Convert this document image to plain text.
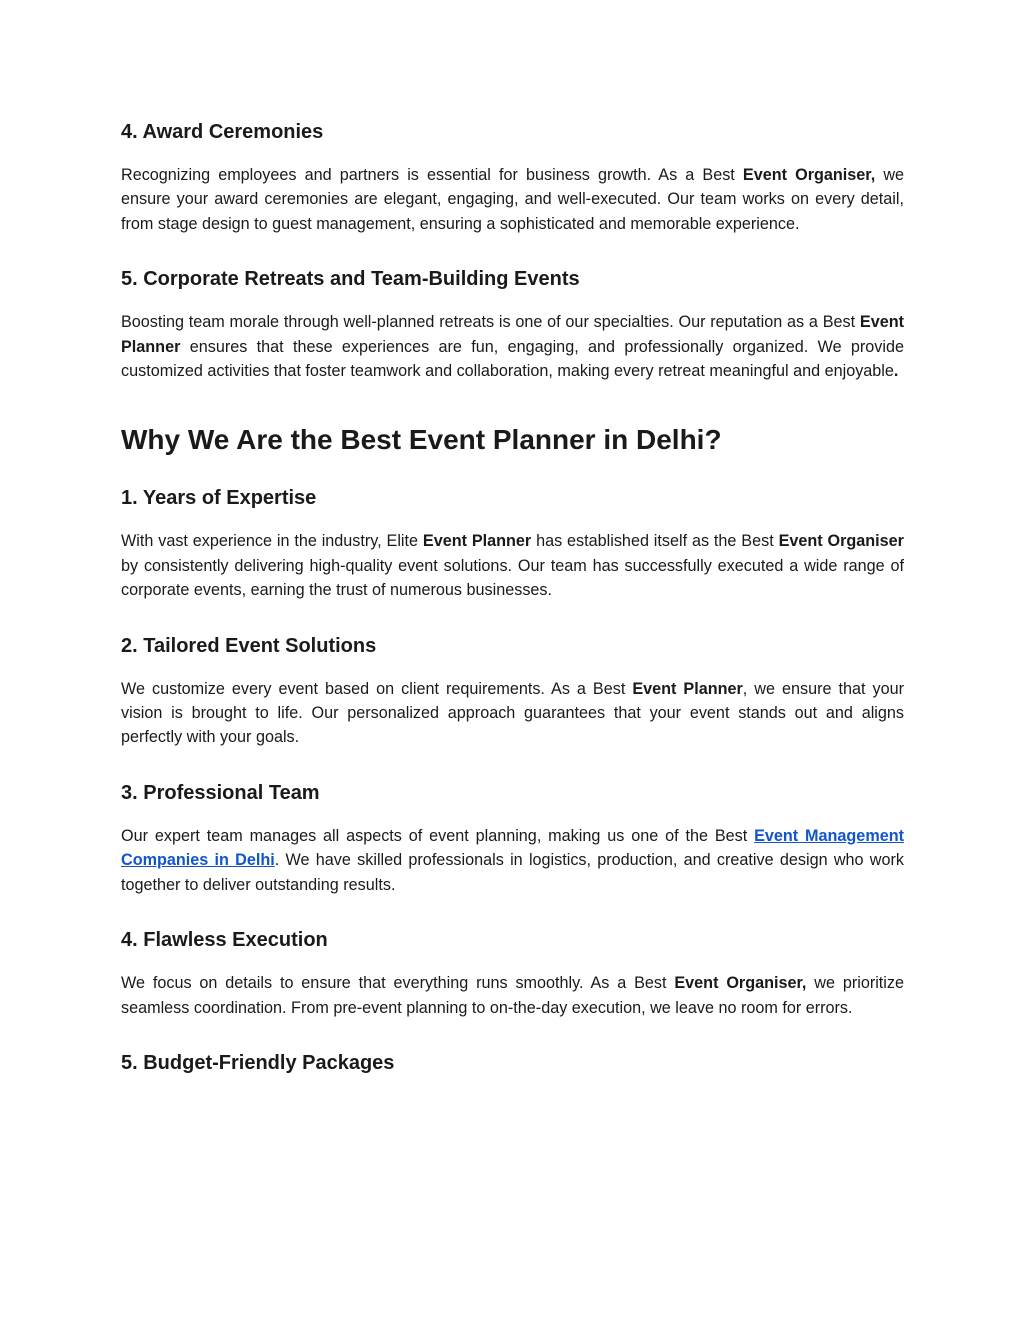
4. Award Ceremonies

Recognizing employees and partners is essential for business growth. As a Best Event Organiser, we ensure your award ceremonies are elegant, engaging, and well-executed. Our team works on every detail, from stage design to guest management, ensuring a sophisticated and memorable experience.

5. Corporate Retreats and Team-Building Events

Boosting team morale through well-planned retreats is one of our specialties. Our reputation as a Best Event Planner ensures that these experiences are fun, engaging, and professionally organized. We provide customized activities that foster teamwork and collaboration, making every retreat meaningful and enjoyable.

Why We Are the Best Event Planner in Delhi?
1. Years of Expertise

With vast experience in the industry, Elite Event Planner has established itself as the Best Event Organiser by consistently delivering high-quality event solutions. Our team has successfully executed a wide range of corporate events, earning the trust of numerous businesses.

2. Tailored Event Solutions

We customize every event based on client requirements. As a Best Event Planner, we ensure that your vision is brought to life. Our personalized approach guarantees that your event stands out and aligns perfectly with your goals.

3. Professional Team

Our expert team manages all aspects of event planning, making us one of the Best Event Management Companies in Delhi. We have skilled professionals in logistics, production, and creative design who work together to deliver outstanding results.

4. Flawless Execution

We focus on details to ensure that everything runs smoothly. As a Best Event Organiser, we prioritize seamless coordination. From pre-event planning to on-the-day execution, we leave no room for errors.

5. Budget-Friendly Packages
